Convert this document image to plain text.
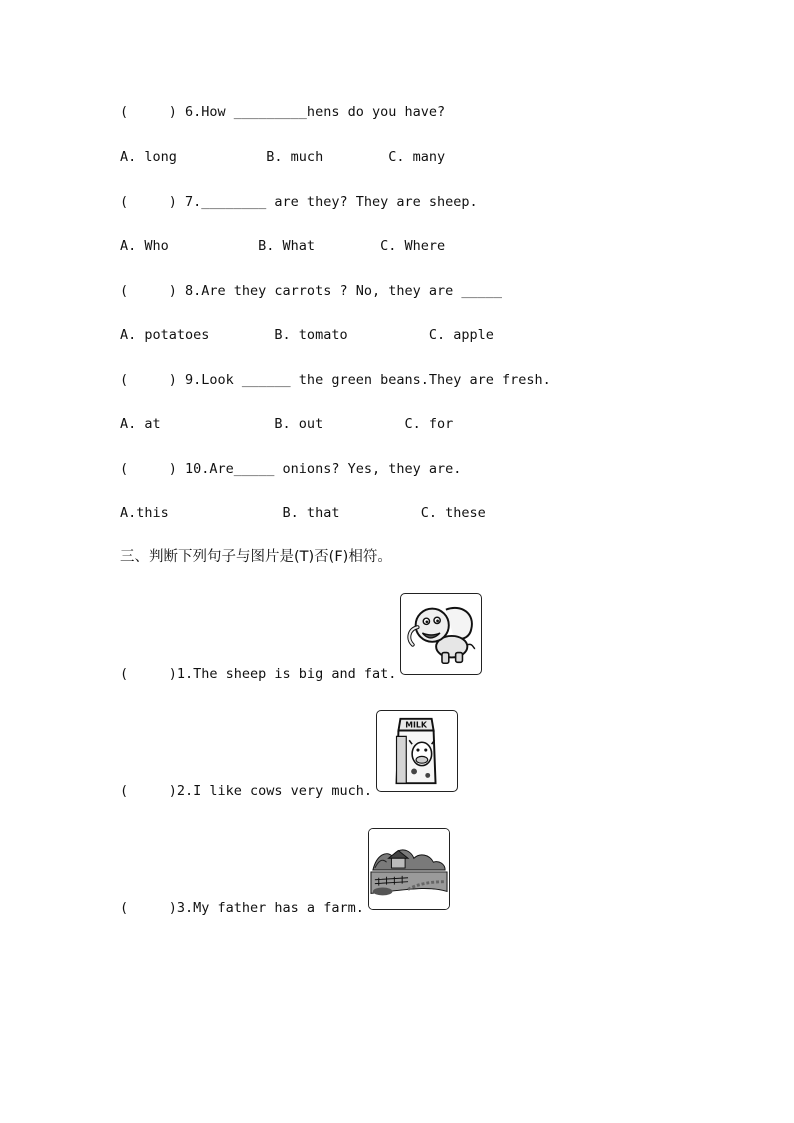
(     ) 6.How _________hens do you have?
A. long           B. much        C. many
(     ) 7.________ are they? They are sheep.
A. Who           B. What        C. Where
(     ) 8.Are they carrots ? No, they are _____
A. potatoes        B. tomato          C. apple
(     ) 9.Look ______ the green beans.They are fresh.
A. at              B. out          C. for
(     ) 10.Are_____ onions? Yes, they are.
A.this              B. that          C. these
三、判断下列句子与图片是(T)否(F)相符。
(     )1.The sheep is big and fat.
(     )2.I like cows very much.
MILK
(     )3.My father has a farm.
